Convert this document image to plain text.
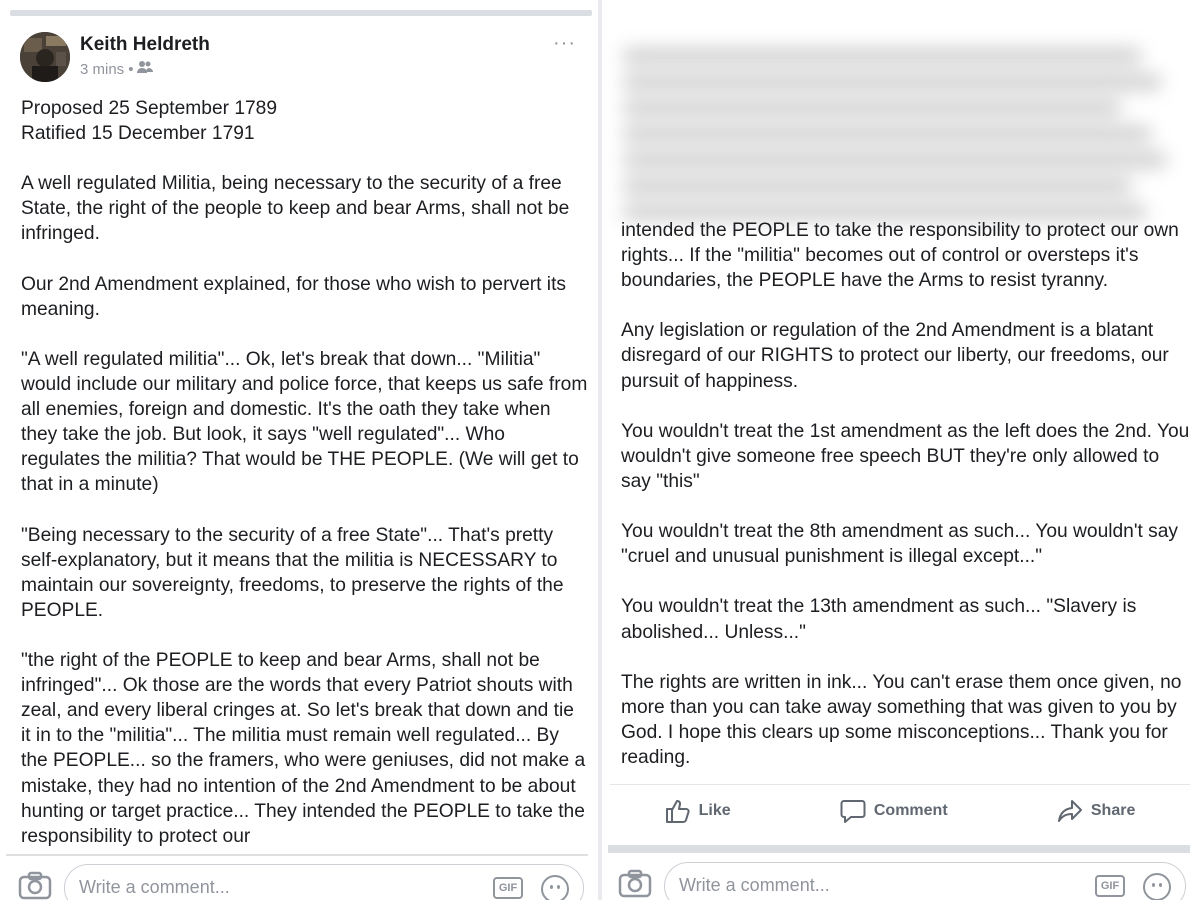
Keith Heldreth
3 mins •
···

Proposed 25 September 1789
Ratified 15 December 1791

A well regulated Militia, being necessary to the security of a free State, the right of the people to keep and bear Arms, shall not be infringed.

Our 2nd Amendment explained, for those who wish to pervert its meaning.

"A well regulated militia"... Ok, let's break that down... "Militia" would include our military and police force, that keeps us safe from all enemies, foreign and domestic. It's the oath they take when they take the job. But look, it says "well regulated"... Who regulates the militia? That would be THE PEOPLE. (We will get to that in a minute)

"Being necessary to the security of a free State"... That's pretty self-explanatory, but it means that the militia is NECESSARY to maintain our sovereignty, freedoms, to preserve the rights of the PEOPLE.

"the right of the PEOPLE to keep and bear Arms, shall not be infringed"... Ok those are the words that every Patriot shouts with zeal, and every liberal cringes at. So let's break that down and tie it in to the "militia"... The militia must remain well regulated... By the PEOPLE... so the framers, who were geniuses, did not make a mistake, they had no intention of the 2nd Amendment to be about hunting or target practice... They intended the PEOPLE to take the responsibility to protect our

Write a comment...	GIF

intended the PEOPLE to take the responsibility to protect our own rights... If the "militia" becomes out of control or oversteps it's boundaries, the PEOPLE have the Arms to resist tyranny.

Any legislation or regulation of the 2nd Amendment is a blatant disregard of our RIGHTS to protect our liberty, our freedoms, our pursuit of happiness.

You wouldn't treat the 1st amendment as the left does the 2nd. You wouldn't give someone free speech BUT they're only allowed to say "this"

You wouldn't treat the 8th amendment as such... You wouldn't say "cruel and unusual punishment is illegal except..."

You wouldn't treat the 13th amendment as such... "Slavery is abolished... Unless..."

The rights are written in ink... You can't erase them once given, no more than you can take away something that was given to you by God. I hope this clears up some misconceptions... Thank you for reading.

Like	Comment	Share
Write a comment...	GIF
